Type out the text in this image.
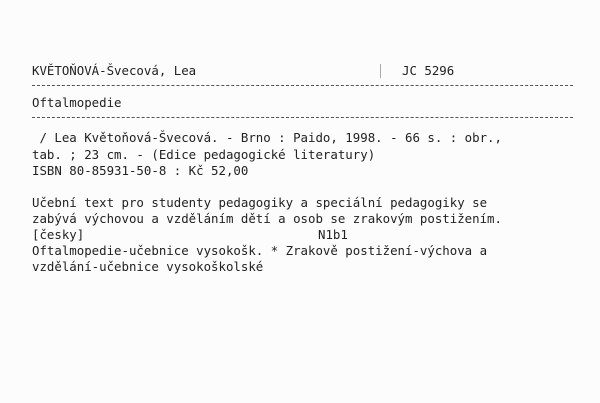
KVĚTOŇOVÁ-Švecová, Lea	JC 5296
Oftalmopedie
/ Lea Květoňová-Švecová. - Brno : Paido, 1998. - 66 s. : obr.,
tab. ; 23 cm. - (Edice pedagogické literatury)
ISBN 80-85931-50-8 : Kč 52,00
Učební text pro studenty pedagogiky a speciální pedagogiky se
zabývá výchovou a vzděláním dětí a osob se zrakovým postižením.
[česky]	N1b1
Oftalmopedie-učebnice vysokošk. * Zrakově postižení-výchova a
vzdělání-učebnice vysokoškolské
